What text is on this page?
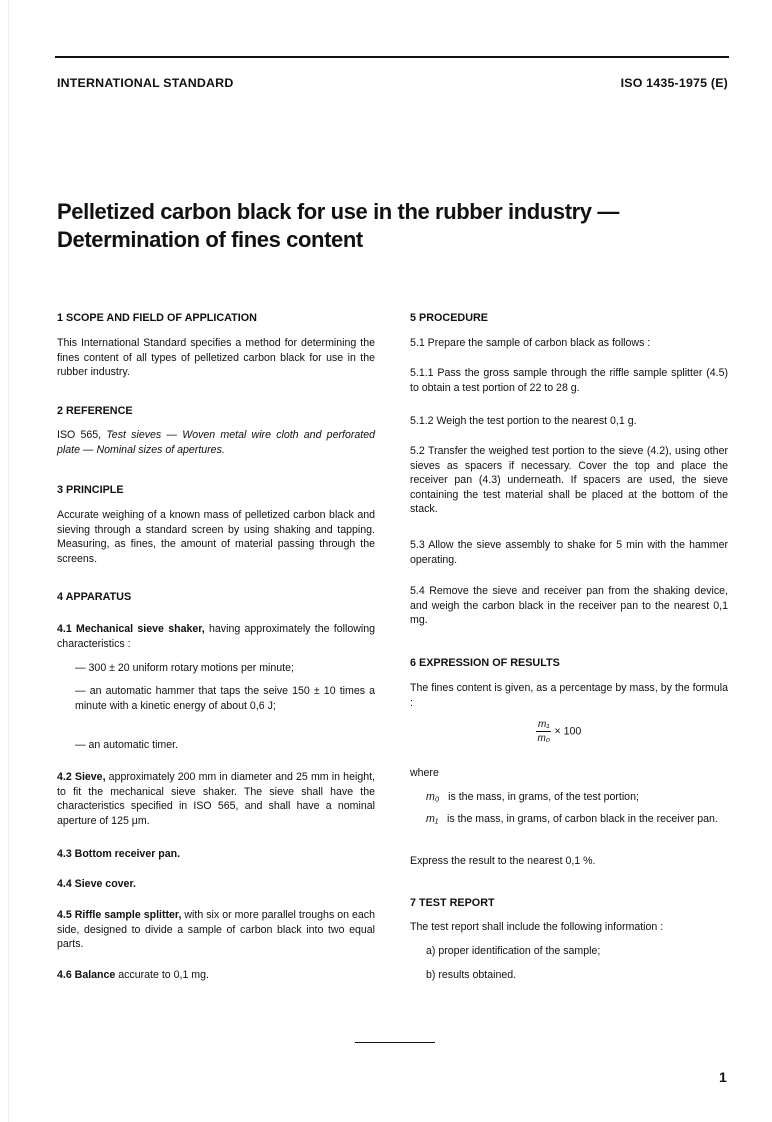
INTERNATIONAL STANDARD	ISO 1435-1975 (E)
Pelletized carbon black for use in the rubber industry —
Determination of fines content
1 SCOPE AND FIELD OF APPLICATION
This International Standard specifies a method for determining the fines content of all types of pelletized carbon black for use in the rubber industry.
2 REFERENCE
ISO 565, Test sieves — Woven metal wire cloth and perforated plate — Nominal sizes of apertures.
3 PRINCIPLE
Accurate weighing of a known mass of pelletized carbon black and sieving through a standard screen by using shaking and tapping. Measuring, as fines, the amount of material passing through the screens.
4 APPARATUS
4.1 Mechanical sieve shaker, having approximately the following characteristics :
— 300 ± 20 uniform rotary motions per minute;
— an automatic hammer that taps the seive 150 ± 10 times a minute with a kinetic energy of about 0,6 J;
— an automatic timer.
4.2 Sieve, approximately 200 mm in diameter and 25 mm in height, to fit the mechanical sieve shaker. The sieve shall have the characteristics specified in ISO 565, and shall have a nominal aperture of 125 μm.
4.3 Bottom receiver pan.
4.4 Sieve cover.
4.5 Riffle sample splitter, with six or more parallel troughs on each side, designed to divide a sample of carbon black into two equal parts.
4.6 Balance accurate to 0,1 mg.
5 PROCEDURE
5.1 Prepare the sample of carbon black as follows :
5.1.1 Pass the gross sample through the riffle sample splitter (4.5) to obtain a test portion of 22 to 28 g.
5.1.2 Weigh the test portion to the nearest 0,1 g.
5.2 Transfer the weighed test portion to the sieve (4.2), using other sieves as spacers if necessary. Cover the top and place the receiver pan (4.3) underneath. If spacers are used, the sieve containing the test material shall be placed at the bottom of the stack.
5.3 Allow the sieve assembly to shake for 5 min with the hammer operating.
5.4 Remove the sieve and receiver pan from the shaking device, and weigh the carbon black in the receiver pan to the nearest 0,1 mg.
6 EXPRESSION OF RESULTS
The fines content is given, as a percentage by mass, by the formula :
$\frac{\text{m₁}}{\text{m₀}} \times 100$
where
m₀ is the mass, in grams, of the test portion;
m₁ is the mass, in grams, of carbon black in the receiver pan.
Express the result to the nearest 0,1 %.
7 TEST REPORT
The test report shall include the following information :
a) proper identification of the sample;
b) results obtained.
1
